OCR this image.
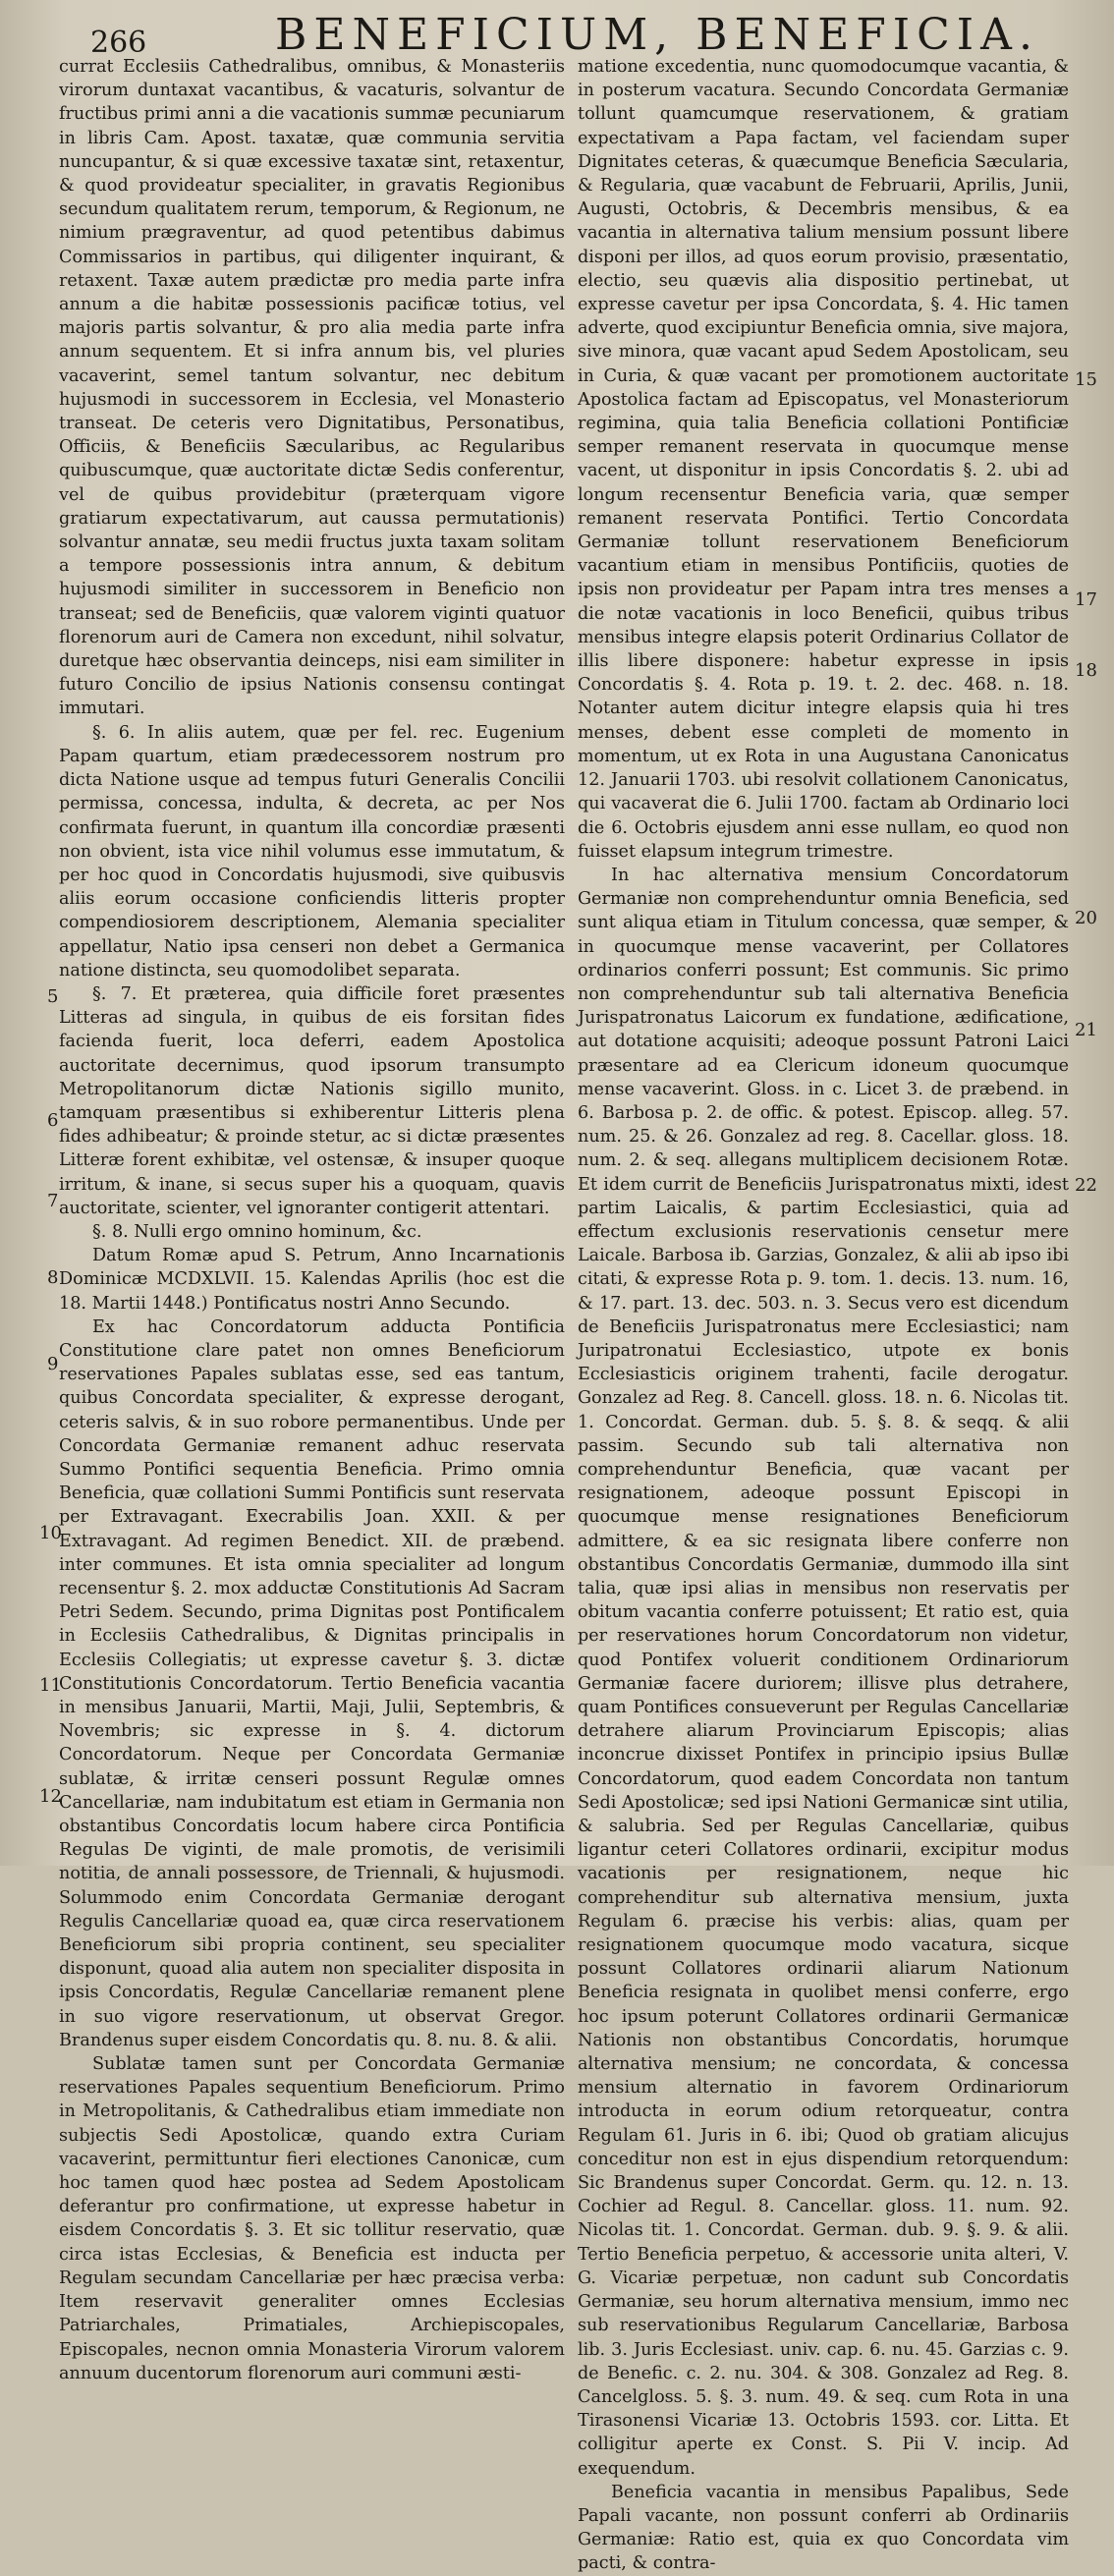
266	BENEFICIUM, BENEFICIA.

currat Ecclesiis Cathedralibus, omnibus, & Monasteriis virorum duntaxat vacantibus, & vacaturis, solvantur de fructibus primi anni a die vacationis summæ pecuniarum in libris Cam. Apost. taxatæ, quæ communia servitia nuncupantur, & si quæ excessive taxatæ sint, retaxentur, & quod provideatur specialiter, in gravatis Regionibus secundum qualitatem rerum, temporum, & Regionum, ne nimium prægraventur, ad quod petentibus dabimus Commissarios in partibus, qui diligenter inquirant, & retaxent. Taxæ autem prædictæ pro media parte infra annum a die habitæ possessionis pacificæ totius, vel majoris partis solvantur, & pro alia media parte infra annum sequentem. Et si infra annum bis, vel pluries vacaverint, semel tantum solvantur, nec debitum hujusmodi in successorem in Ecclesia, vel Monasterio transeat. De ceteris vero Dignitatibus, Personatibus, Officiis, & Beneficiis Sæcularibus, ac Regularibus quibuscumque, quæ auctoritate dictæ Sedis conferentur, vel de quibus providebitur (præterquam vigore gratiarum expectativarum, aut caussa permutationis) solvantur annatæ, seu medii fructus juxta taxam solitam a tempore possessionis intra annum, & debitum hujusmodi similiter in successorem in Beneficio non transeat; sed de Beneficiis, quæ valorem viginti quatuor florenorum auri de Camera non excedunt, nihil solvatur, duretque hæc observantia deinceps, nisi eam similiter in futuro Concilio de ipsius Nationis consensu contingat immutari.

§. 6. In aliis autem, quæ per fel. rec. Eugenium Papam quartum, etiam prædecessorem nostrum pro dicta Natione usque ad tempus futuri Generalis Concilii permissa, concessa, indulta, & decreta, ac per Nos confirmata fuerunt, in quantum illa concordiæ præsenti non obvient, ista vice nihil volumus esse immutatum, & per hoc quod in Concordatis hujusmodi, sive quibusvis aliis eorum occasione conficiendis litteris propter compendiosiorem descriptionem, Alemania specialiter appellatur, Natio ipsa censeri non debet a Germanica natione distincta, seu quomodolibet separata.

§. 7. Et præterea, quia difficile foret præsentes Litteras ad singula, in quibus de eis forsitan fides facienda fuerit, loca deferri, eadem Apostolica auctoritate decernimus, quod ipsorum transumpto Metropolitanorum dictæ Nationis sigillo munito, tamquam præsentibus si exhiberentur Litteris plena fides adhibeatur; & proinde stetur, ac si dictæ præsentes Litteræ forent exhibitæ, vel ostensæ, & insuper quoque irritum, & inane, si secus super his a quoquam, quavis auctoritate, scienter, vel ignoranter contigerit attentari.

§. 8. Nulli ergo omnino hominum, &c.

Datum Romæ apud S. Petrum, Anno Incarnationis Dominicæ MCDXLVII. 15. Kalendas Aprilis (hoc est die 18. Martii 1448.) Pontificatus nostri Anno Secundo.

Ex hac Concordatorum adducta Pontificia Constitutione clare patet non omnes Beneficiorum reservationes Papales sublatas esse, sed eas tantum, quibus Concordata specialiter, & expresse derogant, ceteris salvis, & in suo robore permanentibus. Unde per Concordata Germaniæ remanent adhuc reservata Summo Pontifici sequentia Beneficia. Primo omnia Beneficia, quæ collationi Summi Pontificis sunt reservata per Extravagant. Execrabilis Joan. XXII. & per Extravagant. Ad regimen Benedict. XII. de præbend. inter communes. Et ista omnia specialiter ad longum recensentur §. 2. mox adductæ Constitutionis Ad Sacram Petri Sedem. Secundo, prima Dignitas post Pontificalem in Ecclesiis Cathedralibus, & Dignitas principalis in Ecclesiis Collegiatis; ut expresse cavetur §. 3. dictæ Constitutionis Concordatorum. Tertio Beneficia vacantia in mensibus Januarii, Martii, Maji, Julii, Septembris, & Novembris; sic expresse in §. 4. dictorum Concordatorum. Neque per Concordata Germaniæ sublatæ, & irritæ censeri possunt Regulæ omnes Cancellariæ, nam indubitatum est etiam in Germania non obstantibus Concordatis locum habere circa Pontificia Regulas De viginti, de male promotis, de verisimili notitia, de annali possessore, de Triennali, & hujusmodi. Solummodo enim Concordata Germaniæ derogant Regulis Cancellariæ quoad ea, quæ circa reservationem Beneficiorum sibi propria continent, seu specialiter disponunt, quoad alia autem non specialiter disposita in ipsis Concordatis, Regulæ Cancellariæ remanent plene in suo vigore reservationum, ut observat Gregor. Brandenus super eisdem Concordatis qu. 8. nu. 8. & alii.

Sublatæ tamen sunt per Concordata Germaniæ reservationes Papales sequentium Beneficiorum. Primo in Metropolitanis, & Cathedralibus etiam immediate non subjectis Sedi Apostolicæ, quando extra Curiam vacaverint, permittuntur fieri electiones Canonicæ, cum hoc tamen quod hæc postea ad Sedem Apostolicam deferantur pro confirmatione, ut expresse habetur in eisdem Concordatis §. 3. Et sic tollitur reservatio, quæ circa istas Ecclesias, & Beneficia est inducta per Regulam secundam Cancellariæ per hæc præcisa verba: Item reservavit generaliter omnes Ecclesias Patriarchales, Primatiales, Archiepiscopales, Episcopales, necnon omnia Monasteria Virorum valorem annuum ducentorum florenorum auri communi æsti-

matione excedentia, nunc quomodocumque vacantia, & in posterum vacatura. Secundo Concordata Germaniæ tollunt quamcumque reservationem, & gratiam expectativam a Papa factam, vel faciendam super Dignitates ceteras, & quæcumque Beneficia Sæcularia, & Regularia, quæ vacabunt de Februarii, Aprilis, Junii, Augusti, Octobris, & Decembris mensibus, & ea vacantia in alternativa talium mensium possunt libere disponi per illos, ad quos eorum provisio, præsentatio, electio, seu quævis alia dispositio pertinebat, ut expresse cavetur per ipsa Concordata, §. 4. Hic tamen adverte, quod excipiuntur Beneficia omnia, sive majora, sive minora, quæ vacant apud Sedem Apostolicam, seu in Curia, & quæ vacant per promotionem auctoritate Apostolica factam ad Episcopatus, vel Monasteriorum regimina, quia talia Beneficia collationi Pontificiæ semper remanent reservata in quocumque mense vacent, ut disponitur in ipsis Concordatis §. 2. ubi ad longum recensentur Beneficia varia, quæ semper remanent reservata Pontifici. Tertio Concordata Germaniæ tollunt reservationem Beneficiorum vacantium etiam in mensibus Pontificiis, quoties de ipsis non provideatur per Papam intra tres menses a die notæ vacationis in loco Beneficii, quibus tribus mensibus integre elapsis poterit Ordinarius Collator de illis libere disponere: habetur expresse in ipsis Concordatis §. 4. Rota p. 19. t. 2. dec. 468. n. 18. Notanter autem dicitur integre elapsis quia hi tres menses, debent esse completi de momento in momentum, ut ex Rota in una Augustana Canonicatus 12. Januarii 1703. ubi resolvit collationem Canonicatus, qui vacaverat die 6. Julii 1700. factam ab Ordinario loci die 6. Octobris ejusdem anni esse nullam, eo quod non fuisset elapsum integrum trimestre.

In hac alternativa mensium Concordatorum Germaniæ non comprehenduntur omnia Beneficia, sed sunt aliqua etiam in Titulum concessa, quæ semper, & in quocumque mense vacaverint, per Collatores ordinarios conferri possunt; Est communis. Sic primo non comprehenduntur sub tali alternativa Beneficia Jurispatronatus Laicorum ex fundatione, ædificatione, aut dotatione acquisiti; adeoque possunt Patroni Laici præsentare ad ea Clericum idoneum quocumque mense vacaverint. Gloss. in c. Licet 3. de præbend. in 6. Barbosa p. 2. de offic. & potest. Episcop. alleg. 57. num. 25. & 26. Gonzalez ad reg. 8. Cacellar. gloss. 18. num. 2. & seq. allegans multiplicem decisionem Rotæ. Et idem currit de Beneficiis Jurispatronatus mixti, idest partim Laicalis, & partim Ecclesiastici, quia ad effectum exclusionis reservationis censetur mere Laicale. Barbosa ib. Garzias, Gonzalez, & alii ab ipso ibi citati, & expresse Rota p. 9. tom. 1. decis. 13. num. 16, & 17. part. 13. dec. 503. n. 3. Secus vero est dicendum de Beneficiis Jurispatronatus mere Ecclesiastici; nam Juripatronatui Ecclesiastico, utpote ex bonis Ecclesiasticis originem trahenti, facile derogatur. Gonzalez ad Reg. 8. Cancell. gloss. 18. n. 6. Nicolas tit. 1. Concordat. German. dub. 5. §. 8. & seqq. & alii passim. Secundo sub tali alternativa non comprehenduntur Beneficia, quæ vacant per resignationem, adeoque possunt Episcopi in quocumque mense resignationes Beneficiorum admittere, & ea sic resignata libere conferre non obstantibus Concordatis Germaniæ, dummodo illa sint talia, quæ ipsi alias in mensibus non reservatis per obitum vacantia conferre potuissent; Et ratio est, quia per reservationes horum Concordatorum non videtur, quod Pontifex voluerit conditionem Ordinariorum Germaniæ facere duriorem; illisve plus detrahere, quam Pontifices consueverunt per Regulas Cancellariæ detrahere aliarum Provinciarum Episcopis; alias inconcrue dixisset Pontifex in principio ipsius Bullæ Concordatorum, quod eadem Concordata non tantum Sedi Apostolicæ; sed ipsi Nationi Germanicæ sint utilia, & salubria. Sed per Regulas Cancellariæ, quibus ligantur ceteri Collatores ordinarii, excipitur modus vacationis per resignationem, neque hic comprehenditur sub alternativa mensium, juxta Regulam 6. præcise his verbis: alias, quam per resignationem quocumque modo vacatura, sicque possunt Collatores ordinarii aliarum Nationum Beneficia resignata in quolibet mensi conferre, ergo hoc ipsum poterunt Collatores ordinarii Germanicæ Nationis non obstantibus Concordatis, horumque alternativa mensium; ne concordata, & concessa mensium alternatio in favorem Ordinariorum introducta in eorum odium retorqueatur, contra Regulam 61. Juris in 6. ibi; Quod ob gratiam alicujus conceditur non est in ejus dispendium retorquendum: Sic Brandenus super Concordat. Germ. qu. 12. n. 13. Cochier ad Regul. 8. Cancellar. gloss. 11. num. 92. Nicolas tit. 1. Concordat. German. dub. 9. §. 9. & alii. Tertio Beneficia perpetuo, & accessorie unita alteri, V. G. Vicariæ perpetuæ, non cadunt sub Concordatis Germaniæ, seu horum alternativa mensium, immo nec sub reservationibus Regularum Cancellariæ, Barbosa lib. 3. Juris Ecclesiast. univ. cap. 6. nu. 45. Garzias c. 9. de Benefic. c. 2. nu. 304. & 308. Gonzalez ad Reg. 8. Cancelgloss. 5. §. 3. num. 49. & seq. cum Rota in una Tirasonensi Vicariæ 13. Octobris 1593. cor. Litta. Et colligitur aperte ex Const. S. Pii V. incip. Ad exequendum.

Beneficia vacantia in mensibus Papalibus, Sede Papali vacante, non possunt conferri ab Ordinariis Germaniæ: Ratio est, quia ex quo Concordata vim pacti, & contra-

5
6
7
8
9
10
11
12
15
17
18
20
21
22
